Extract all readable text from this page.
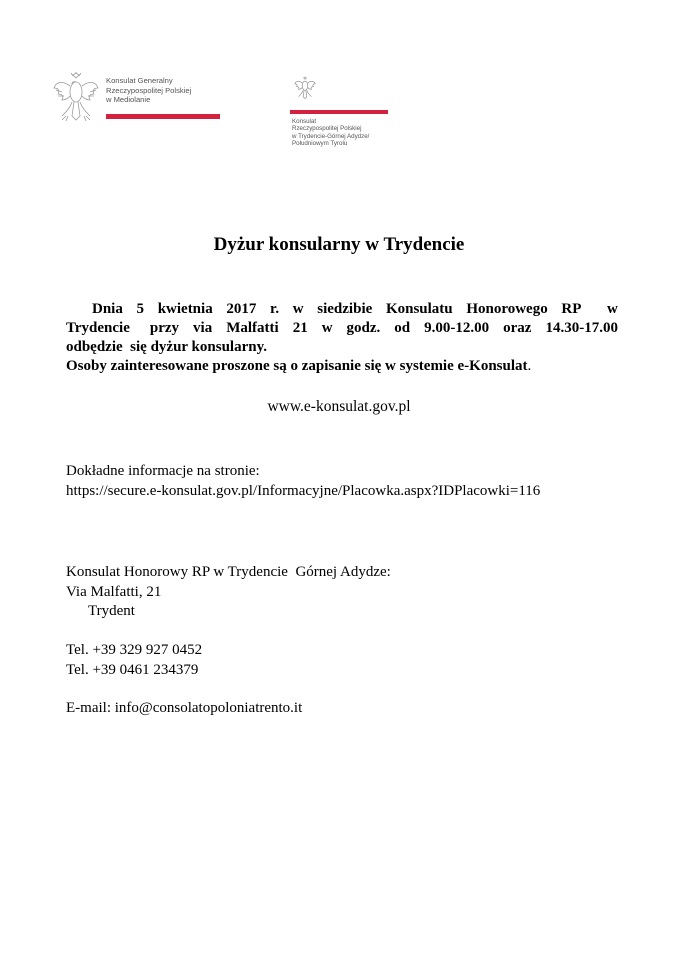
Konsulat Generalny
Rzeczypospolitej Polskiej
w Mediolanie
Konsulat
Rzeczypospolitej Polskiej
w Trydencie-Górnej Adydze/
Południowym Tyrolu
Dyżur konsularny w Trydencie
Dnia 5 kwietnia 2017 r. w siedzibie Konsulatu Honorowego RP w
Trydencie przy via Malfatti 21 w godz. od 9.00-12.00 oraz 14.30-17.00
odbędzie  się dyżur konsularny.
Osoby zainteresowane proszone są o zapisanie się w systemie e-Konsulat.
www.e-konsulat.gov.pl
Dokładne informacje na stronie:
https://secure.e-konsulat.gov.pl/Informacyjne/Placowka.aspx?IDPlacowki=116
Konsulat Honorowy RP w Trydencie  Górnej Adydze:
Via Malfatti, 21
Trydent
Tel. +39 329 927 0452
Tel. +39 0461 234379
E-mail: info@consolatopoloniatrento.it
